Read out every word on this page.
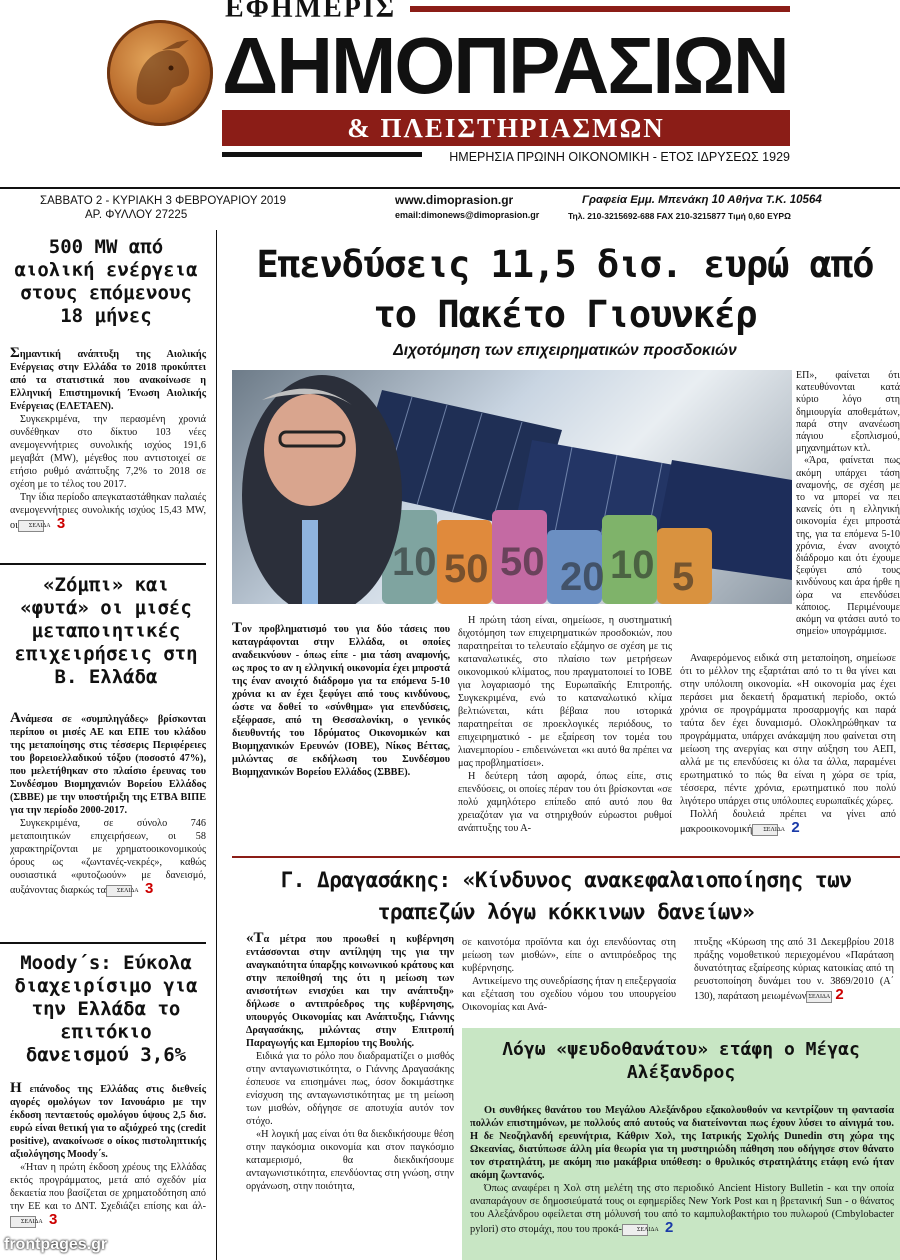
ΕΦΗΜΕΡΙΣ
ΔΗΜΟΠΡΑΣΙΩΝ
& ΠΛΕΙΣΤΗΡΙΑΣΜΩΝ
ΗΜΕΡΗΣΙΑ ΠΡΩΙΝΗ ΟΙΚΟΝΟΜΙΚΗ - ΕΤΟΣ ΙΔΡΥΣΕΩΣ 1929
ΣΑΒΒΑΤΟ 2 - ΚΥΡΙΑΚΗ 3 ΦΕΒΡΟΥΑΡΙΟΥ 2019
ΑΡ. ΦΥΛΛΟΥ 27225
www.dimoprasion.gr
email:dimonews@dimoprasion.gr
Γραφεία Εμμ. Μπενάκη 10 Αθήνα Τ.Κ. 10564
Τηλ. 210-3215692-688 FAX 210-3215877 Τιμή 0,60 ΕΥΡΩ
500 MW από αιολική ενέργεια στους επόμενους 18 μήνες

Σημαντική ανάπτυξη της Αιολικής Ενέργειας στην Ελλάδα το 2018 προκύπτει από τα στατιστικά που ανακοίνωσε η Ελληνική Επιστημονική Ένωση Αιολικής Ενέργειας (ΕΛΕΤΑΕΝ).

Συγκεκριμένα, την περασμένη χρονιά συνδέθηκαν στο δίκτυο 103 νέες ανεμογεννήτριες συνολικής ισχύος 191,6 μεγαβάτ (MW), μέγεθος που αντιστοιχεί σε ετήσιο ρυθμό ανάπτυξης 7,2% το 2018 σε σχέση με το τέλος του 2017.

Την ίδια περίοδο απεγκαταστάθηκαν παλαιές ανεμογεννήτριες συνολικής ισχύος 15,43 MW, οι ΣΕΛΙΔΑ 3

«Ζόμπι» και «φυτά» οι μισές μεταποιητικές επιχειρήσεις στη Β. Ελλάδα

Ανάμεσα σε «συμπληγάδες» βρίσκονται περίπου οι μισές ΑΕ και ΕΠΕ του κλάδου της μεταποίησης στις τέσσερις Περιφέρειες του βορειοελλαδικού τόξου (ποσοστό 47%), που μελετήθηκαν στο πλαίσιο έρευνας του Συνδέσμου Βιομηχανιών Βορείου Ελλάδος (ΣΒΒΕ) με την υποστήριξη της ΕΤΒΑ ΒΙΠΕ για την περίοδο 2000-2017.

Συγκεκριμένα, σε σύνολο 746 μεταποιητικών επιχειρήσεων, οι 58 χαρακτηρίζονται με χρηματοοικονομικούς όρους ως «ζωντανές-νεκρές», καθώς ουσιαστικά «φυτοζωούν» με δανεισμό, αυξάνοντας διαρκώς τα ΣΕΛΙΔΑ 3

Moody΄s: Εύκολα διαχειρίσιμο για την Ελλάδα το επιτόκιο δανεισμού 3,6%

Η επάνοδος της Ελλάδας στις διεθνείς αγορές ομολόγων τον Ιανουάριο με την έκδοση πενταετούς ομολόγου ύψους 2,5 δισ. ευρώ είναι θετική για το αξιόχρεό της (credit positive), ανακοίνωσε ο οίκος πιστοληπτικής αξιολόγησης Moody΄s.

«Ήταν η πρώτη έκδοση χρέους της Ελλάδας εκτός προγράμματος, μετά από σχεδόν μία δεκαετία που βασίζεται σε χρηματοδότηση από την ΕΕ και το ΔΝΤ. Σχεδιάζει επίσης και άλ-ΣΕΛΙΔΑ 3

frontpages.gr
Επενδύσεις 11,5 δισ. ευρώ από το Πακέτο Γιουνκέρ
Διχοτόμηση των επιχειρηματικών προσδοκιών
10 50 50 20 10 5

ΕΠ», φαίνεται ότι κατευθύνονται κατά κύριο λόγο στη δημιουργία αποθεμάτων, παρά στην ανανέωση πάγιου εξοπλισμού, μηχανημάτων κτλ.

«Άρα, φαίνεται πως ακόμη υπάρχει τάση αναμονής, σε σχέση με το να μπορεί να πει κανείς ότι η ελληνική οικονομία έχει μπροστά της, για τα επόμενα 5-10 χρόνια, έναν ανοιχτό διάδρομο και ότι έχουμε ξεφύγει από τους κινδύνους και άρα ήρθε η ώρα να επενδύσει κάποιος. Περιμένουμε ακόμη να φτάσει αυτό το σημείο» υπογράμμισε.

Τον προβληματισμό του για δύο τάσεις που καταγράφονται στην Ελλάδα, οι οποίες αναδεικνύουν - όπως είπε - μια τάση αναμονής, ως προς το αν η ελληνική οικονομία έχει μπροστά της έναν ανοιχτό διάδρομο για τα επόμενα 5-10 χρόνια κι αν έχει ξεφύγει από τους κινδύνους, ώστε να δοθεί το «σύνθημα» για επενδύσεις, εξέφρασε, από τη Θεσσαλονίκη, ο γενικός διευθυντής του Ιδρύματος Οικονομικών και Βιομηχανικών Ερευνών (ΙΟΒΕ), Νίκος Βέττας, μιλώντας σε εκδήλωση του Συνδέσμου Βιομηχανικών Βορείου Ελλάδος (ΣΒΒΕ).

Η πρώτη τάση είναι, σημείωσε, η συστηματική διχοτόμηση των επιχειρηματικών προσδοκιών, που παρατηρείται το τελευταίο εξάμηνο σε σχέση με τις καταναλωτικές, στο πλαίσιο των μετρήσεων οικονομικού κλίματος, που πραγματοποιεί το ΙΟΒΕ για λογαριασμό της Ευρωπαϊκής Επιτροπής. Συγκεκριμένα, ενώ το καταναλωτικό κλίμα βελτιώνεται, κάτι βέβαια που ιστορικά παρατηρείται σε προεκλογικές περιόδους, το επιχειρηματικό - με εξαίρεση τον τομέα του λιανεμπορίου - επιδεινώνεται «κι αυτό θα πρέπει να μας προβληματίσει».

Η δεύτερη τάση αφορά, όπως είπε, στις επενδύσεις, οι οποίες πέραν του ότι βρίσκονται «σε πολύ χαμηλότερο επίπεδο από αυτό που θα χρειαζόταν για να στηριχθούν εύρωστοι ρυθμοί ανάπτυξης του Α-

Αναφερόμενος ειδικά στη μεταποίηση, σημείωσε ότι το μέλλον της εξαρτάται από το τι θα γίνει και στην υπόλοιπη οικονομία. «Η οικονομία μας έχει περάσει μια δεκαετή δραματική περίοδο, οκτώ χρόνια σε προγράμματα προσαρμογής και παρά ταύτα δεν έχει δυναμισμό. Ολοκληρώθηκαν τα προγράμματα, υπάρχει ανάκαμψη που φαίνεται στη μείωση της ανεργίας και στην αύξηση του ΑΕΠ, αλλά με τις επενδύσεις κι όλα τα άλλα, παραμένει ερωτηματικό το πώς θα είναι η χώρα σε τρία, τέσσερα, πέντε χρόνια, ερωτηματικό που πολύ λιγότερο υπάρχει στις υπόλοιπες ευρωπαϊκές χώρες.

Πολλή δουλειά πρέπει να γίνει από μακροοικονομική ΣΕΛΙΔΑ 2

Γ. Δραγασάκης: «Κίνδυνος ανακεφαλαιοποίησης των τραπεζών λόγω κόκκινων δανείων»

«Τα μέτρα που προωθεί η κυβέρνηση εντάσσονται στην αντίληψη της για την αναγκαιότητα ύπαρξης κοινωνικού κράτους και στην πεποίθησή της ότι η μείωση των ανισοτήτων ενισχύει και την ανάπτυξη» δήλωσε ο αντιπρόεδρος της κυβέρνησης, υπουργός Οικονομίας και Ανάπτυξης, Γιάννης Δραγασάκης, μιλώντας στην Επιτροπή Παραγωγής και Εμπορίου της Βουλής.

Ειδικά για το ρόλο που διαδραματίζει ο μισθός στην ανταγωνιστικότητα, ο Γιάννης Δραγασάκης έσπευσε να επισημάνει πως, όσον δοκιμάστηκε ενίσχυση της ανταγωνιστικότητας με τη μείωση των μισθών, οδήγησε σε αποτυχία αυτόν τον στόχο.

«Η λογική μας είναι ότι θα διεκδικήσουμε θέση στην παγκόσμια οικονομία και στον παγκόσμιο καταμερισμό, θα διεκδικήσουμε ανταγωνιστικότητα, επενδύοντας στη γνώση, στην οργάνωση, στην ποιότητα,

σε καινοτόμα προϊόντα και όχι επενδύοντας στη μείωση των μισθών», είπε ο αντιπρόεδρος της κυβέρνησης.

Αντικείμενο της συνεδρίασης ήταν η επεξεργασία και εξέταση του σχεδίου νόμου του υπουργείου Οικονομίας και Ανά-

πτυξης «Κύρωση της από 31 Δεκεμβρίου 2018 πράξης νομοθετικού περιεχομένου «Παράταση δυνατότητας εξαίρεσης κύριας κατοικίας από τη ρευστοποίηση δυνάμει του ν. 3869/2010 (Α΄ 130), παράταση μειωμένων ΣΕΛΙΔΑ 2

Λόγω «ψευδοθανάτου» ετάφη ο Μέγας Αλέξανδρος

Οι συνθήκες θανάτου του Μεγάλου Αλεξάνδρου εξακολουθούν να κεντρίζουν τη φαντασία πολλών επιστημόνων, με πολλούς από αυτούς να διατείνονται πως έχουν λύσει το αίνιγμά του. Η δε Νεοζηλανδή ερευνήτρια, Κάθριν Χολ, της Ιατρικής Σχολής Dunedin στη χώρα της Ωκεανίας, διατύπωσε άλλη μία θεωρία για τη μυστηριώδη πάθηση που οδήγησε στον θάνατο τον στρατηλάτη, με ακόμη πιο μακάβρια υπόθεση: ο θρυλικός στρατηλάτης ετάφη ενώ ήταν ακόμη ζωντανός.

Όπως αναφέρει η Χολ στη μελέτη της στο περιοδικό Ancient History Bulletin - και την οποία αναπαράγουν σε δημοσιεύματά τους οι εφημερίδες New York Post και η βρετανική Sun - ο θάνατος του Αλεξάνδρου οφείλεται στη μόλυνσή του από το καμπυλοβακτήριο του πυλωρού (Cmbylobacter pylori) στο στομάχι, που του προκά-	ΣΕΛΙΔΑ 2
